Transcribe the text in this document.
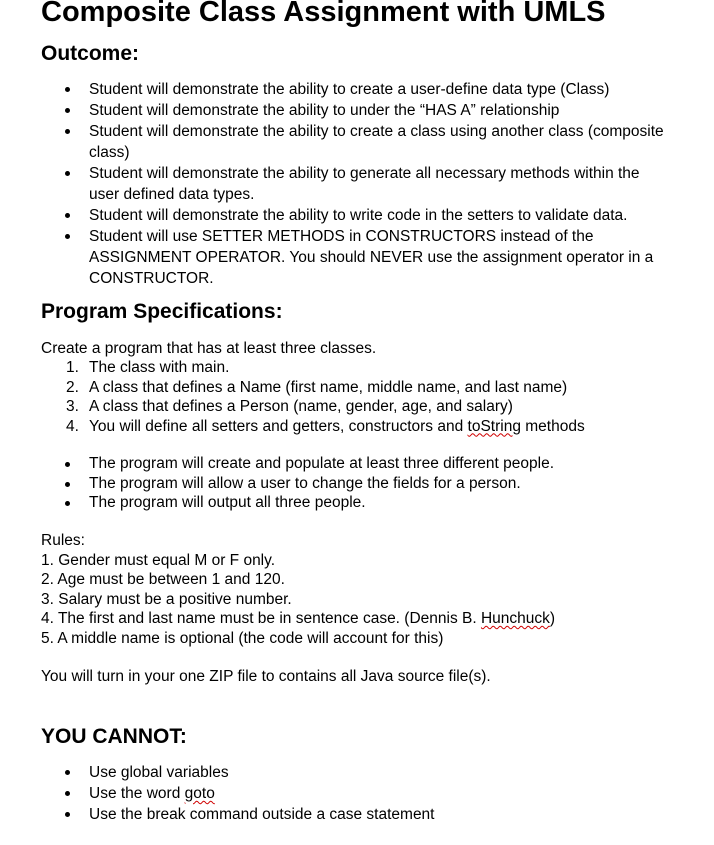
Composite Class Assignment with UMLS
Outcome:
Student will demonstrate the ability to create a user-define data type (Class)
Student will demonstrate the ability to under the “HAS A” relationship
Student will demonstrate the ability to create a class using another class (composite class)
Student will demonstrate the ability to generate all necessary methods within the user defined data types.
Student will demonstrate the ability to write code in the setters to validate data.
Student will use SETTER METHODS in CONSTRUCTORS instead of the ASSIGNMENT OPERATOR. You should NEVER use the assignment operator in a CONSTRUCTOR.
Program Specifications:
Create a program that has at least three classes.
1. The class with main.
2. A class that defines a Name (first name, middle name, and last name)
3. A class that defines a Person (name, gender, age, and salary)
4. You will define all setters and getters, constructors and toString methods
The program will create and populate at least three different people.
The program will allow a user to change the fields for a person.
The program will output all three people.
Rules:
1. Gender must equal M or F only.
2. Age must be between 1 and 120.
3. Salary must be a positive number.
4. The first and last name must be in sentence case. (Dennis B. Hunchuck)
5. A middle name is optional (the code will account for this)
You will turn in your one ZIP file to contains all Java source file(s).
YOU CANNOT:
Use global variables
Use the word goto
Use the break command outside a case statement
